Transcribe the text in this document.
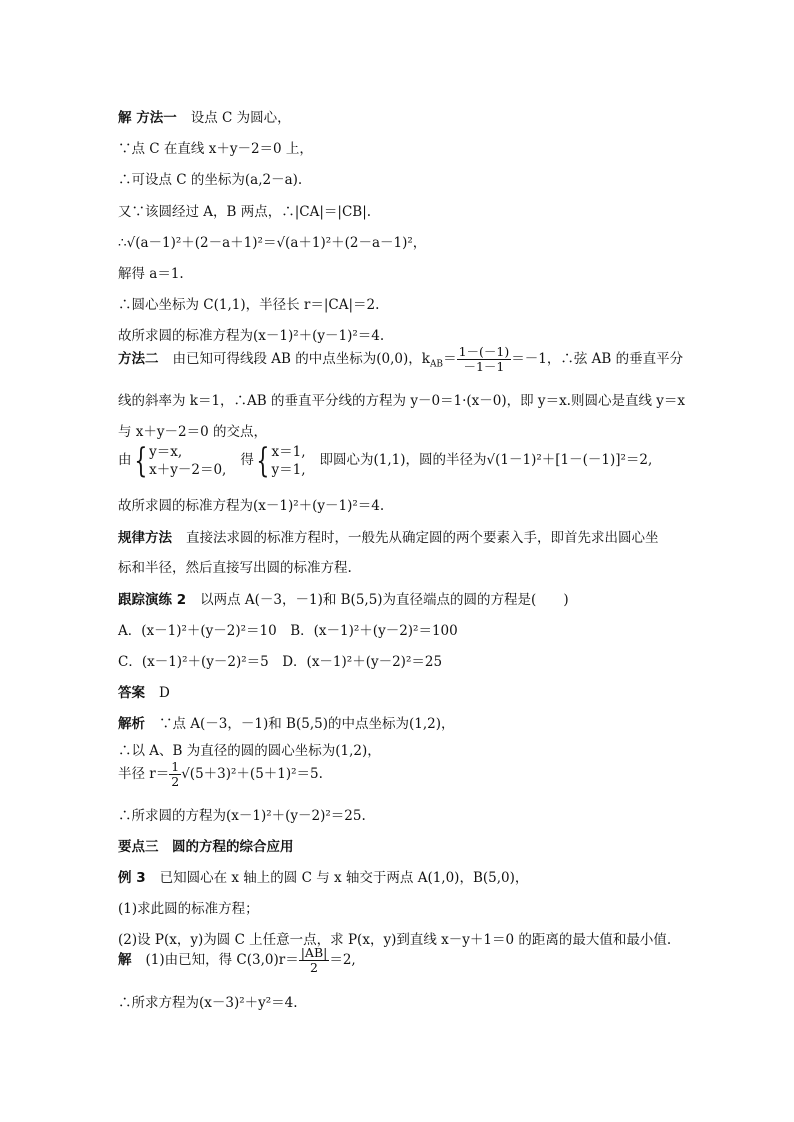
解 方法一 设点 C 为圆心，
∵点 C 在直线 x＋y－2＝0 上，
∴可设点 C 的坐标为(a,2－a).
又∵该圆经过 A，B 两点，∴|CA|＝|CB|.
∴√(a－1)²＋(2－a＋1)²＝√(a＋1)²＋(2－a－1)²，
解得 a＝1.
∴圆心坐标为 C(1,1)，半径长 r＝|CA|＝2.
故所求圆的标准方程为(x－1)²＋(y－1)²＝4.
方法二 由已知可得线段 AB 的中点坐标为(0,0)，$k_{AB}= \frac{1-(-1)}{-1-1} =-1$，∴弦 AB 的垂直平分
线的斜率为 k＝1，∴AB 的垂直平分线的方程为 y－0＝1·(x－0)，即 y＝x.则圆心是直线 y＝x
与 x＋y－2＝0 的交点，
由 { y＝x,
x＋y－2＝0,
得 { x＝1,
y＝1,
即圆心为(1,1)，圆的半径为√(1－1)²＋[1－(－1)]²＝2,
故所求圆的标准方程为(x－1)²＋(y－1)²＝4.
规律方法 直接法求圆的标准方程时，一般先从确定圆的两个要素入手，即首先求出圆心坐
标和半径，然后直接写出圆的标准方程.
跟踪演练 2 以两点 A(－3，－1)和 B(5,5)为直径端点的圆的方程是(　　)
A．(x－1)²＋(y－2)²＝10　B．(x－1)²＋(y－2)²＝100
C．(x－1)²＋(y－2)²＝5　D．(x－1)²＋(y－2)²＝25
答案 D
解析 ∵点 A(－3，－1)和 B(5,5)的中点坐标为(1,2)，
∴以 A、B 为直径的圆的圆心坐标为(1,2)，
半径 $r= \frac{1}{2} √(5+3)^2+(5+1)^2=5$.
∴所求圆的方程为(x－1)²＋(y－2)²＝25.
要点三　圆的方程的综合应用
例 3 已知圆心在 x 轴上的圆 C 与 x 轴交于两点 A(1,0)，B(5,0)，
(1)求此圆的标准方程；
(2)设 P(x，y)为圆 C 上任意一点，求 P(x，y)到直线 x－y＋1＝0 的距离的最大值和最小值.
解 (1)由已知，得 $C(3,0)r= \frac{|AB|}{2} =2$,
∴所求方程为(x－3)²＋y²＝4.
